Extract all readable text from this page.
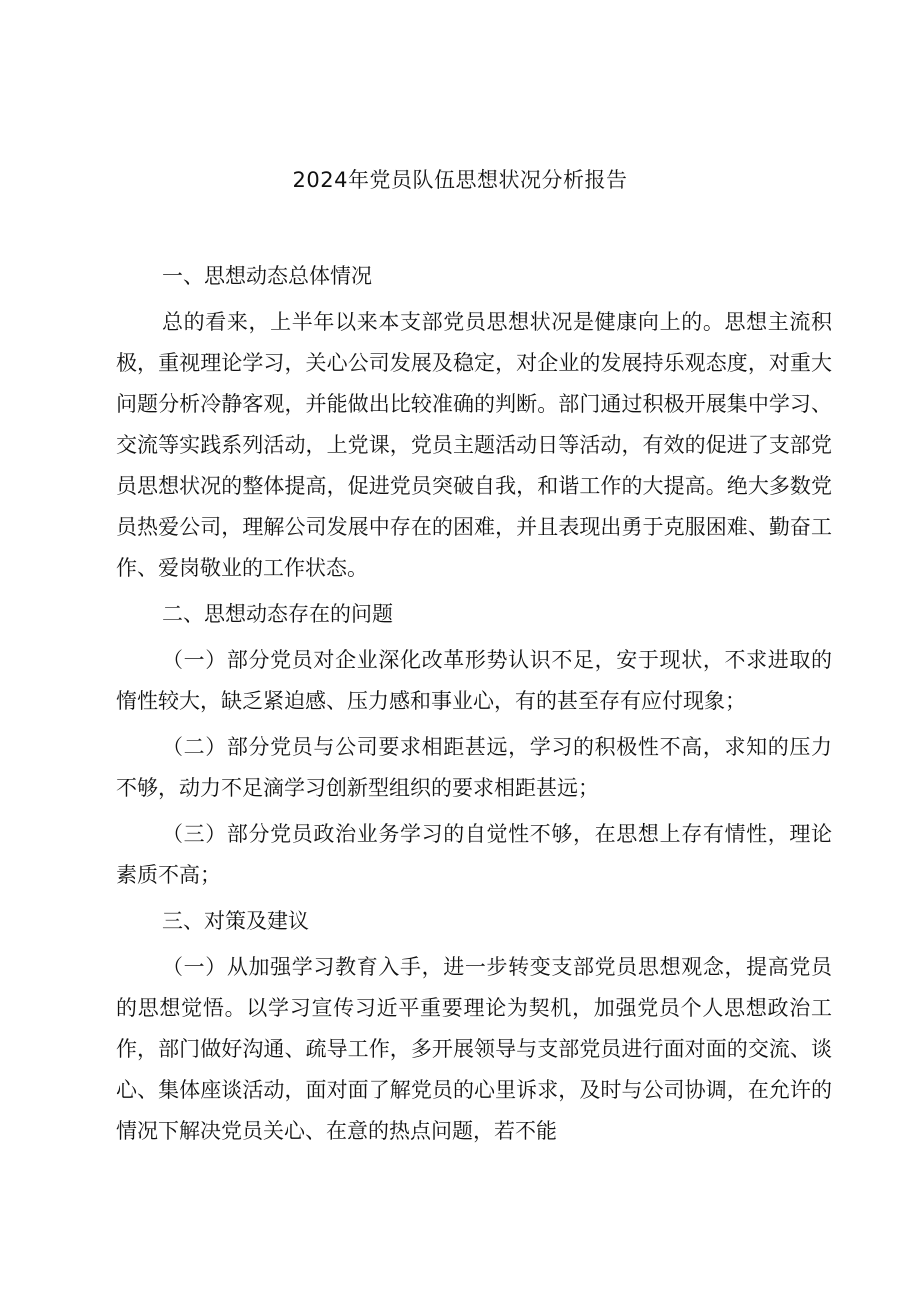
2024年党员队伍思想状况分析报告
一、思想动态总体情况

总的看来，上半年以来本支部党员思想状况是健康向上的。思想主流积极，重视理论学习，关心公司发展及稳定，对企业的发展持乐观态度，对重大问题分析冷静客观，并能做出比较准确的判断。部门通过积极开展集中学习、交流等实践系列活动，上党课，党员主题活动日等活动，有效的促进了支部党员思想状况的整体提高，促进党员突破自我，和谐工作的大提高。绝大多数党员热爱公司，理解公司发展中存在的困难，并且表现出勇于克服困难、勤奋工作、爱岗敬业的工作状态。

二、思想动态存在的问题

（一）部分党员对企业深化改革形势认识不足，安于现状，不求进取的惰性较大，缺乏紧迫感、压力感和事业心，有的甚至存有应付现象；

（二）部分党员与公司要求相距甚远，学习的积极性不高，求知的压力不够，动力不足滴学习创新型组织的要求相距甚远；

（三）部分党员政治业务学习的自觉性不够，在思想上存有情性，理论素质不高；

三、对策及建议

（一）从加强学习教育入手，进一步转变支部党员思想观念，提高党员的思想觉悟。以学习宣传习近平重要理论为契机，加强党员个人思想政治工作，部门做好沟通、疏导工作，多开展领导与支部党员进行面对面的交流、谈心、集体座谈活动，面对面了解党员的心里诉求，及时与公司协调，在允许的情况下解决党员关心、在意的热点问题，若不能
